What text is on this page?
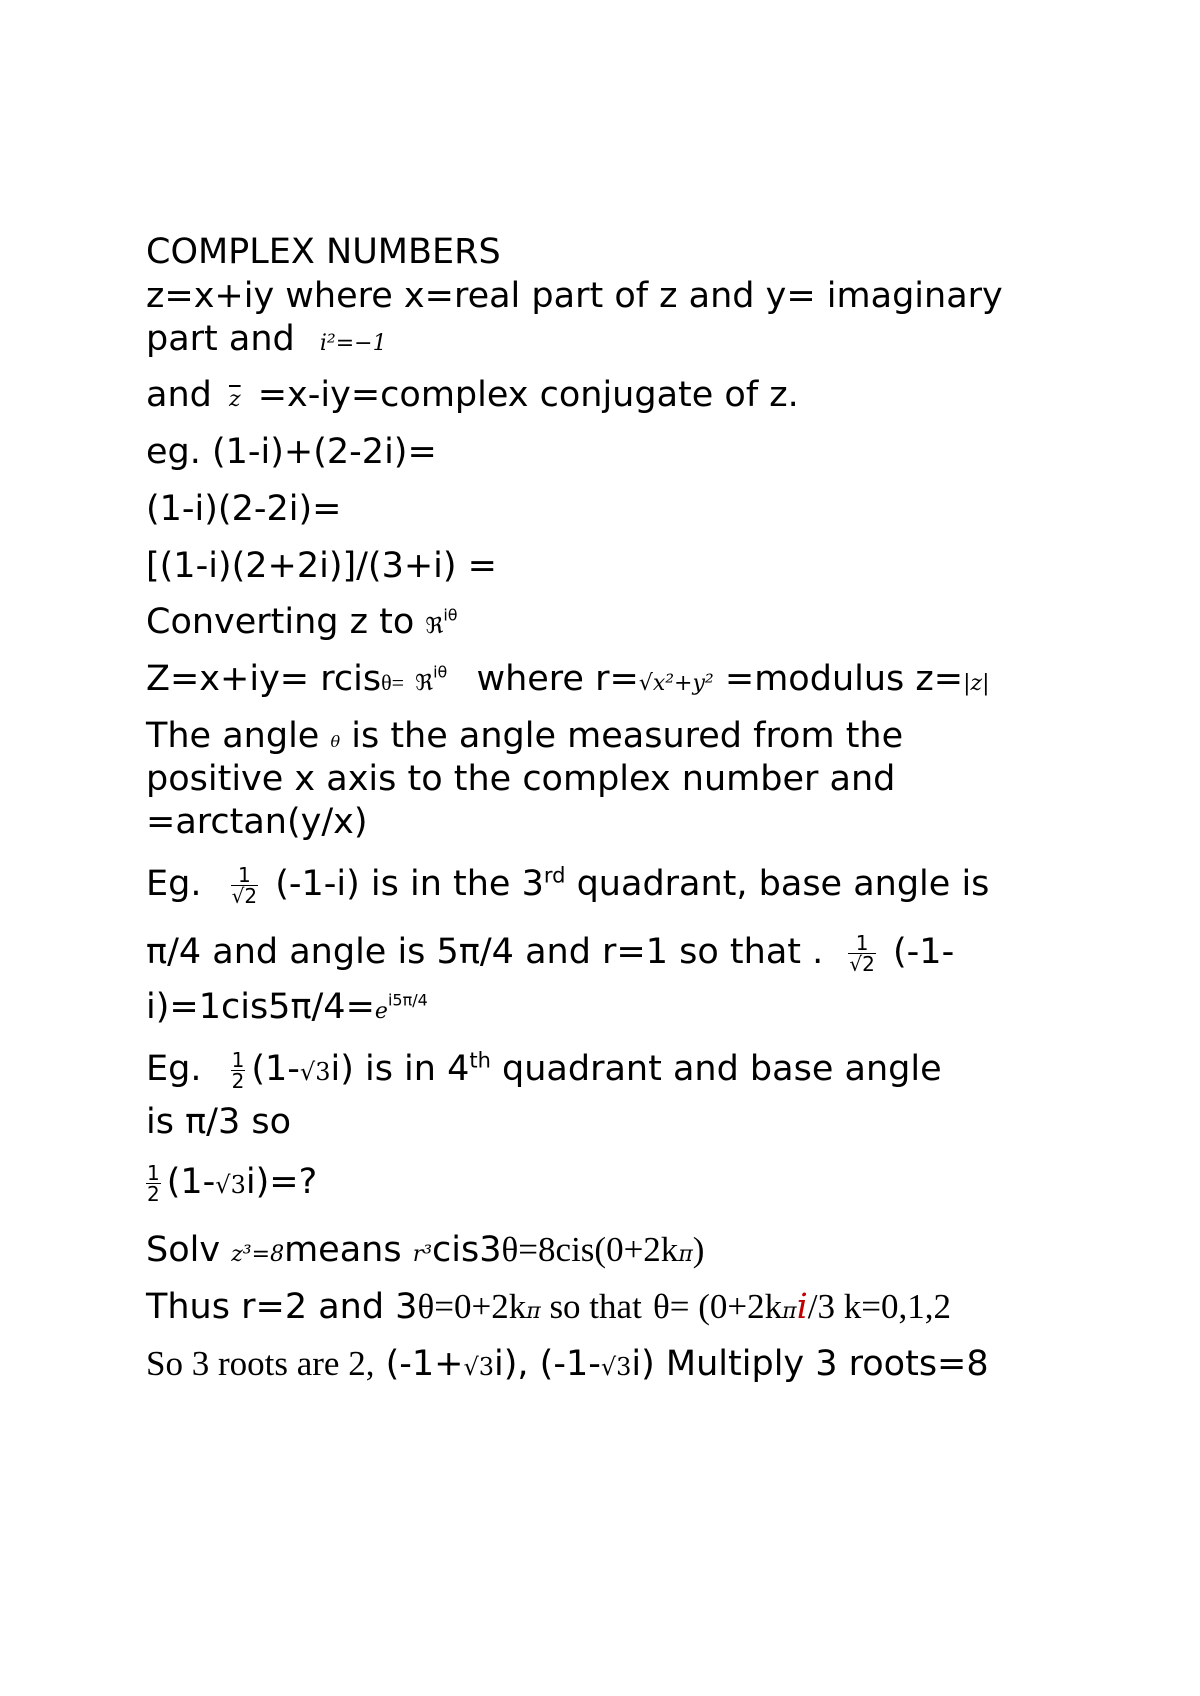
COMPLEX NUMBERS
z=x+iy where x=real part of z and y= imaginary
part and i²=−1
and $\overline{z}$ =x-iy=complex conjugate of z.
eg. (1-i)+(2-2i)=
(1-i)(2-2i)=
[(1-i)(2+2i)]/(3+i) =
Converting z to ℜ$^{i\theta}$
Z=x+iy= rcisθ= ℜ$^{i\theta}$ where r=√x²+y² =modulus z=|z|
The angle θ is the angle measured from the
positive x axis to the complex number and
=arctan(y/x)
Eg. $\frac{1}{√2} (-1-i)$ is in the 3rd quadrant, base angle is
π/4 and angle is 5π/4 and r=1 so that . $\frac{1}{√2} (-1-$
$i)=1cis5\pi/4=e^{i5\pi/4}$
Eg. $\frac{1}{2} (1-√3i)$ is in 4th quadrant and base angle
is π/3 so
$\frac{1}{2} (1-√3i)=$?
Solv z³=8means r³cis3θ=8cis(0+2kπ)
Thus r=2 and 3θ=0+2kπ so that θ= (0+2kπi/3 k=0,1,2
So 3 roots are 2, (-1+√3i), (-1-√3i) Multiply 3 roots=8
